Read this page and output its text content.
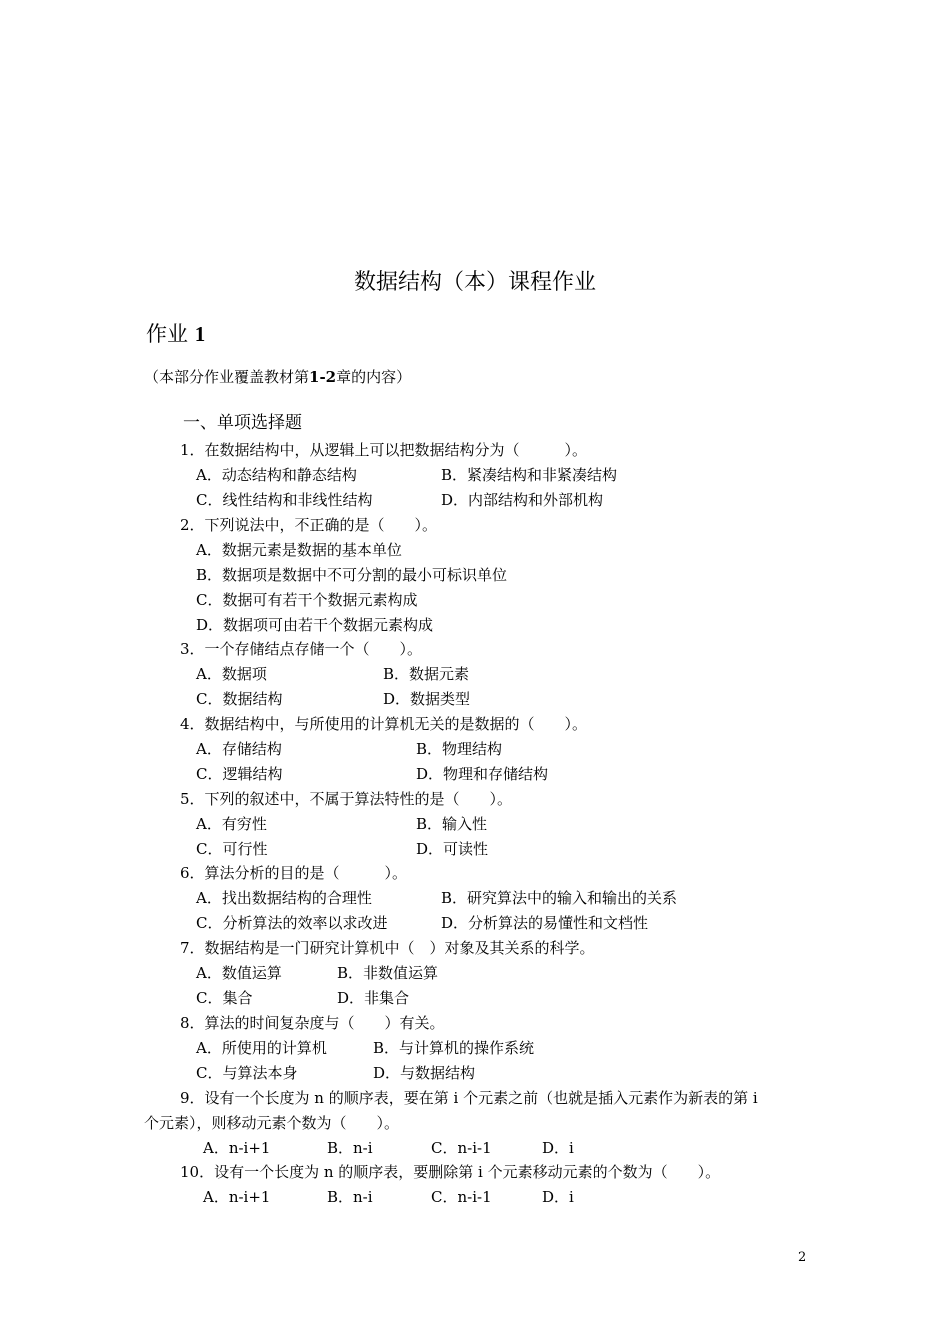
数据结构（本）课程作业
作业 1
（本部分作业覆盖教材第1-2章的内容）
一、单项选择题
1．在数据结构中，从逻辑上可以把数据结构分为（　　　）。
A．动态结构和静态结构	B．紧凑结构和非紧凑结构
C．线性结构和非线性结构	D．内部结构和外部机构
2．下列说法中，不正确的是（　　）。
A．数据元素是数据的基本单位
B．数据项是数据中不可分割的最小可标识单位
C．数据可有若干个数据元素构成
D．数据项可由若干个数据元素构成
3．一个存储结点存储一个（　　）。
A．数据项	B．数据元素
C．数据结构	D．数据类型
4．数据结构中，与所使用的计算机无关的是数据的（　　）。
A．存储结构	B．物理结构
C．逻辑结构	D．物理和存储结构
5．下列的叙述中，不属于算法特性的是（　　）。
A．有穷性	B．输入性
C．可行性	D．可读性
6．算法分析的目的是（　　　）。
A．找出数据结构的合理性	B．研究算法中的输入和输出的关系
C．分析算法的效率以求改进	D．分析算法的易懂性和文档性
7．数据结构是一门研究计算机中（　）对象及其关系的科学。
A．数值运算	B．非数值运算
C．集合	D．非集合
8．算法的时间复杂度与（　　）有关。
A．所使用的计算机	B．与计算机的操作系统
C．与算法本身	D．与数据结构
9．设有一个长度为 n 的顺序表，要在第 i 个元素之前（也就是插入元素作为新表的第 i
个元素），则移动元素个数为（　　）。
A．n-i+1	B．n-i	C．n-i-1	D．i
10．设有一个长度为 n 的顺序表，要删除第 i 个元素移动元素的个数为（　　）。
A．n-i+1	B．n-i	C．n-i-1	D．i
2
